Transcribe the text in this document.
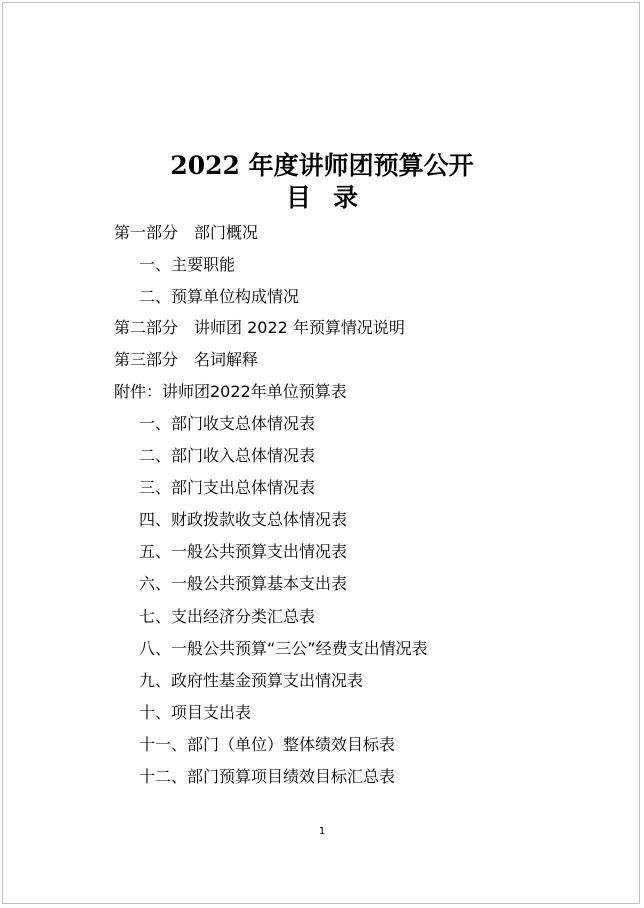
2022 年度讲师团预算公开
目录
第一部分　部门概况
一、主要职能
二、预算单位构成情况
第二部分　讲师团 2022 年预算情况说明
第三部分　名词解释
附件：讲师团2022年单位预算表
一、部门收支总体情况表
二、部门收入总体情况表
三、部门支出总体情况表
四、财政拨款收支总体情况表
五、一般公共预算支出情况表
六、一般公共预算基本支出表
七、支出经济分类汇总表
八、一般公共预算“三公”经费支出情况表
九、政府性基金预算支出情况表
十、项目支出表
十一、部门（单位）整体绩效目标表
十二、部门预算项目绩效目标汇总表
1
